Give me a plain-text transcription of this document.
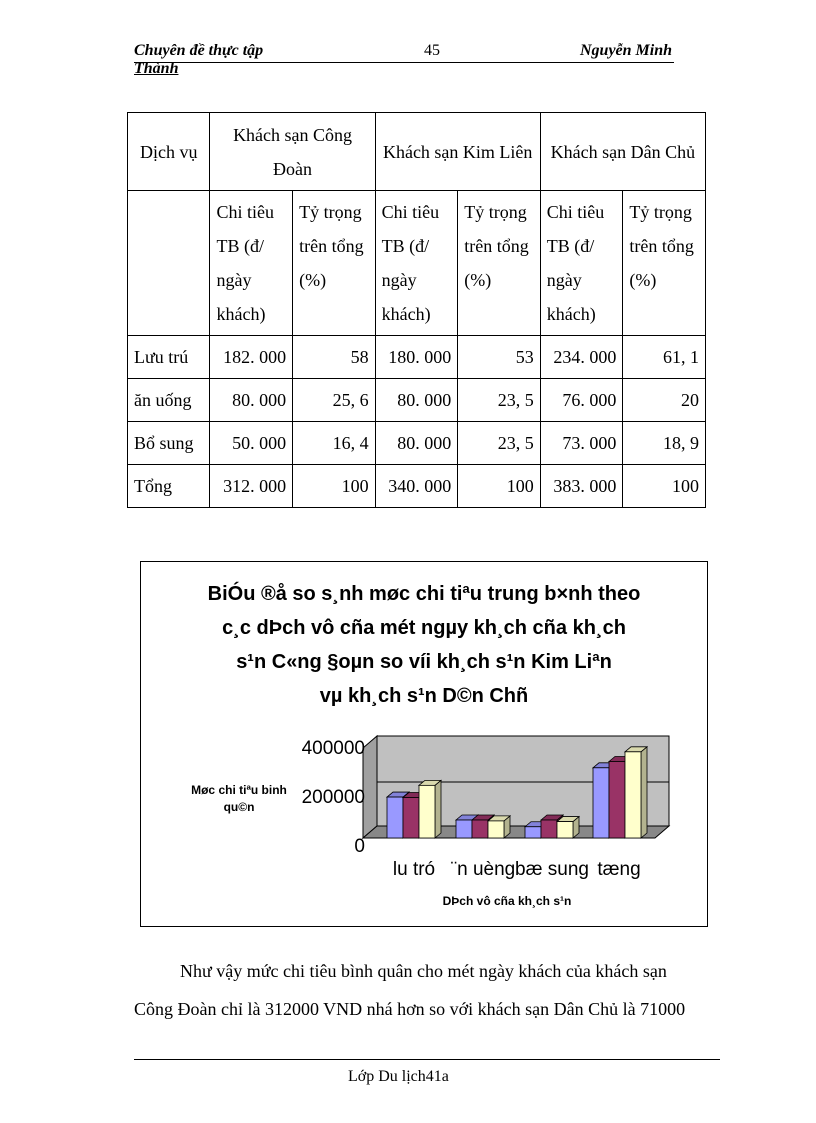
Chuyên đề thực tập	45	Nguyễn Minh
Thành
Dịch vụ	Khách sạn Công Đoàn		Khách sạn Kim Liên		Khách sạn Dân Chủ	
	Chi tiêu TB (đ/ ngày khách)	Tỷ trọng trên tổng (%)	Chi tiêu TB (đ/ ngày khách)	Tỷ trọng trên tổng (%)	Chi tiêu TB (đ/ ngày khách)	Tỷ trọng trên tổng (%)
Lưu trú	182. 000	58	180. 000	53	234. 000	61, 1
ăn uống	80. 000	25, 6	80. 000	23, 5	76. 000	20
Bổ sung	50. 000	16, 4	80. 000	23, 5	73. 000	18, 9
Tổng	312. 000	100	340. 000	100	383. 000	100
BiÓu ®å so s¸nh møc chi tiªu trung b×nh theo
c¸c dÞch vô cña mét ngµy kh¸ch cña kh¸ch
s¹n C«ng §oµn so víi kh¸ch s¹n Kim Liªn
vµ kh¸ch s¹n D©n Chñ
Møc chi tiªu binh
qu©n
DÞch vô cña kh¸ch s¹n
400000
200000
0
lu tró ¨n uèng bæ sung tæng
Như vậy mức chi tiêu bình quân cho mét ngày khách của khách sạn
Công Đoàn chỉ là 312000 VND nhá hơn so với khách sạn Dân Chủ là 71000
Lớp Du lịch41a
